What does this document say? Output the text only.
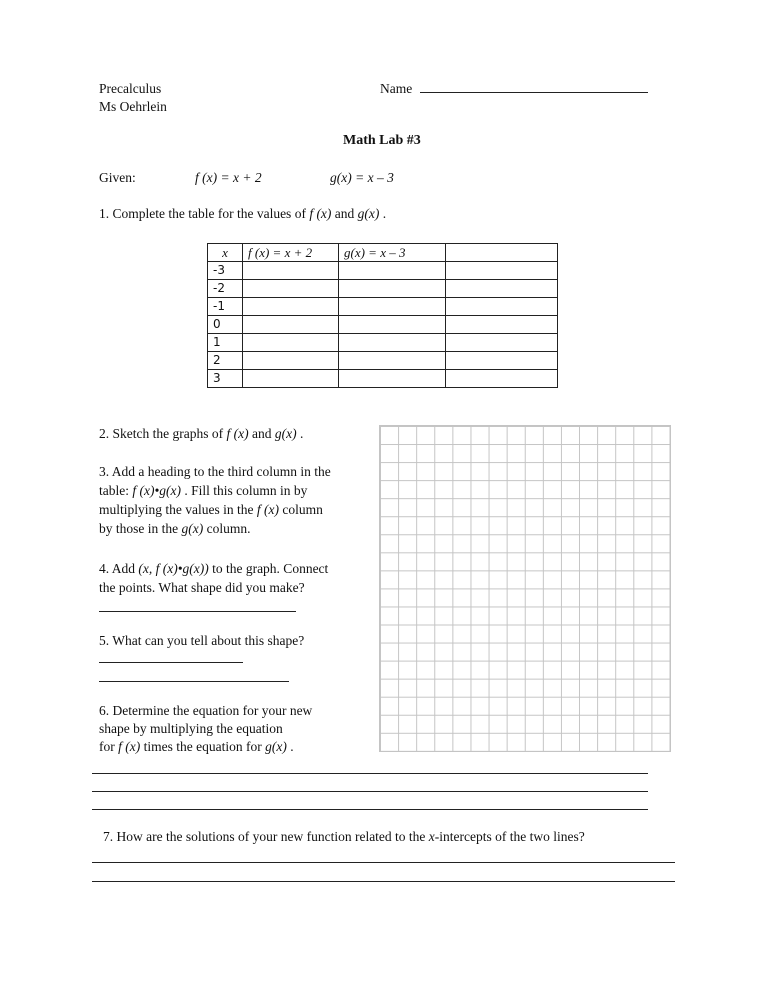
Precalculus
Ms Oehrlein
Name
Math Lab #3
Given:	f (x) = x + 2	g(x) = x – 3
1. Complete the table for the values of f (x) and g(x) .
x	f (x) = x + 2	g(x) = x – 3	
-3			
-2			
-1			
0			
1			
2			
3			
2. Sketch the graphs of f (x) and g(x) .
3. Add a heading to the third column in the
table: f (x)•g(x) . Fill this column in by
multiplying the values in the f (x) column
by those in the g(x) column.
4. Add (x, f (x)•g(x)) to the graph. Connect
the points. What shape did you make?
5. What can you tell about this shape?
6. Determine the equation for your new
shape by multiplying the equation
for f (x) times the equation for g(x) .
7. How are the solutions of your new function related to the x-intercepts of the two lines?
